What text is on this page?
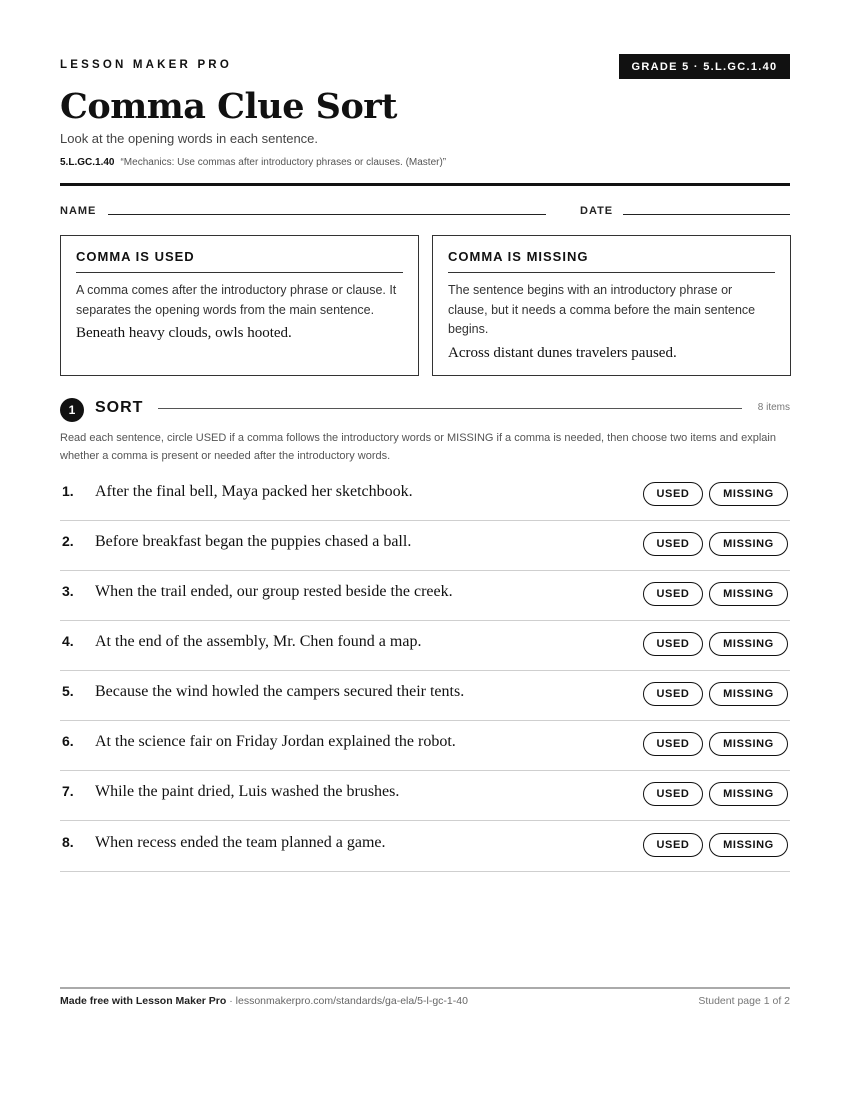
LESSON MAKER PRO	GRADE 5 · 5.L.GC.1.40
Comma Clue Sort
Look at the opening words in each sentence.
5.L.GC.1.40 “Mechanics: Use commas after introductory phrases or clauses. (Master)”
NAME	DATE
COMMA IS USED
A comma comes after the introductory phrase or clause. It separates the opening words from the main sentence.
Beneath heavy clouds, owls hooted.
COMMA IS MISSING
The sentence begins with an introductory phrase or clause, but it needs a comma before the main sentence begins.
Across distant dunes travelers paused.
1	SORT	8 items
Read each sentence, circle USED if a comma follows the introductory words or MISSING if a comma is needed, then choose two items and explain whether a comma is present or needed after the introductory words.
1. After the final bell, Maya packed her sketchbook.	USED	MISSING
2. Before breakfast began the puppies chased a ball.	USED	MISSING
3. When the trail ended, our group rested beside the creek.	USED	MISSING
4. At the end of the assembly, Mr. Chen found a map.	USED	MISSING
5. Because the wind howled the campers secured their tents.	USED	MISSING
6. At the science fair on Friday Jordan explained the robot.	USED	MISSING
7. While the paint dried, Luis washed the brushes.	USED	MISSING
8. When recess ended the team planned a game.	USED	MISSING
Made free with Lesson Maker Pro · lessonmakerpro.com/standards/ga-ela/5-l-gc-1-40	Student page 1 of 2
